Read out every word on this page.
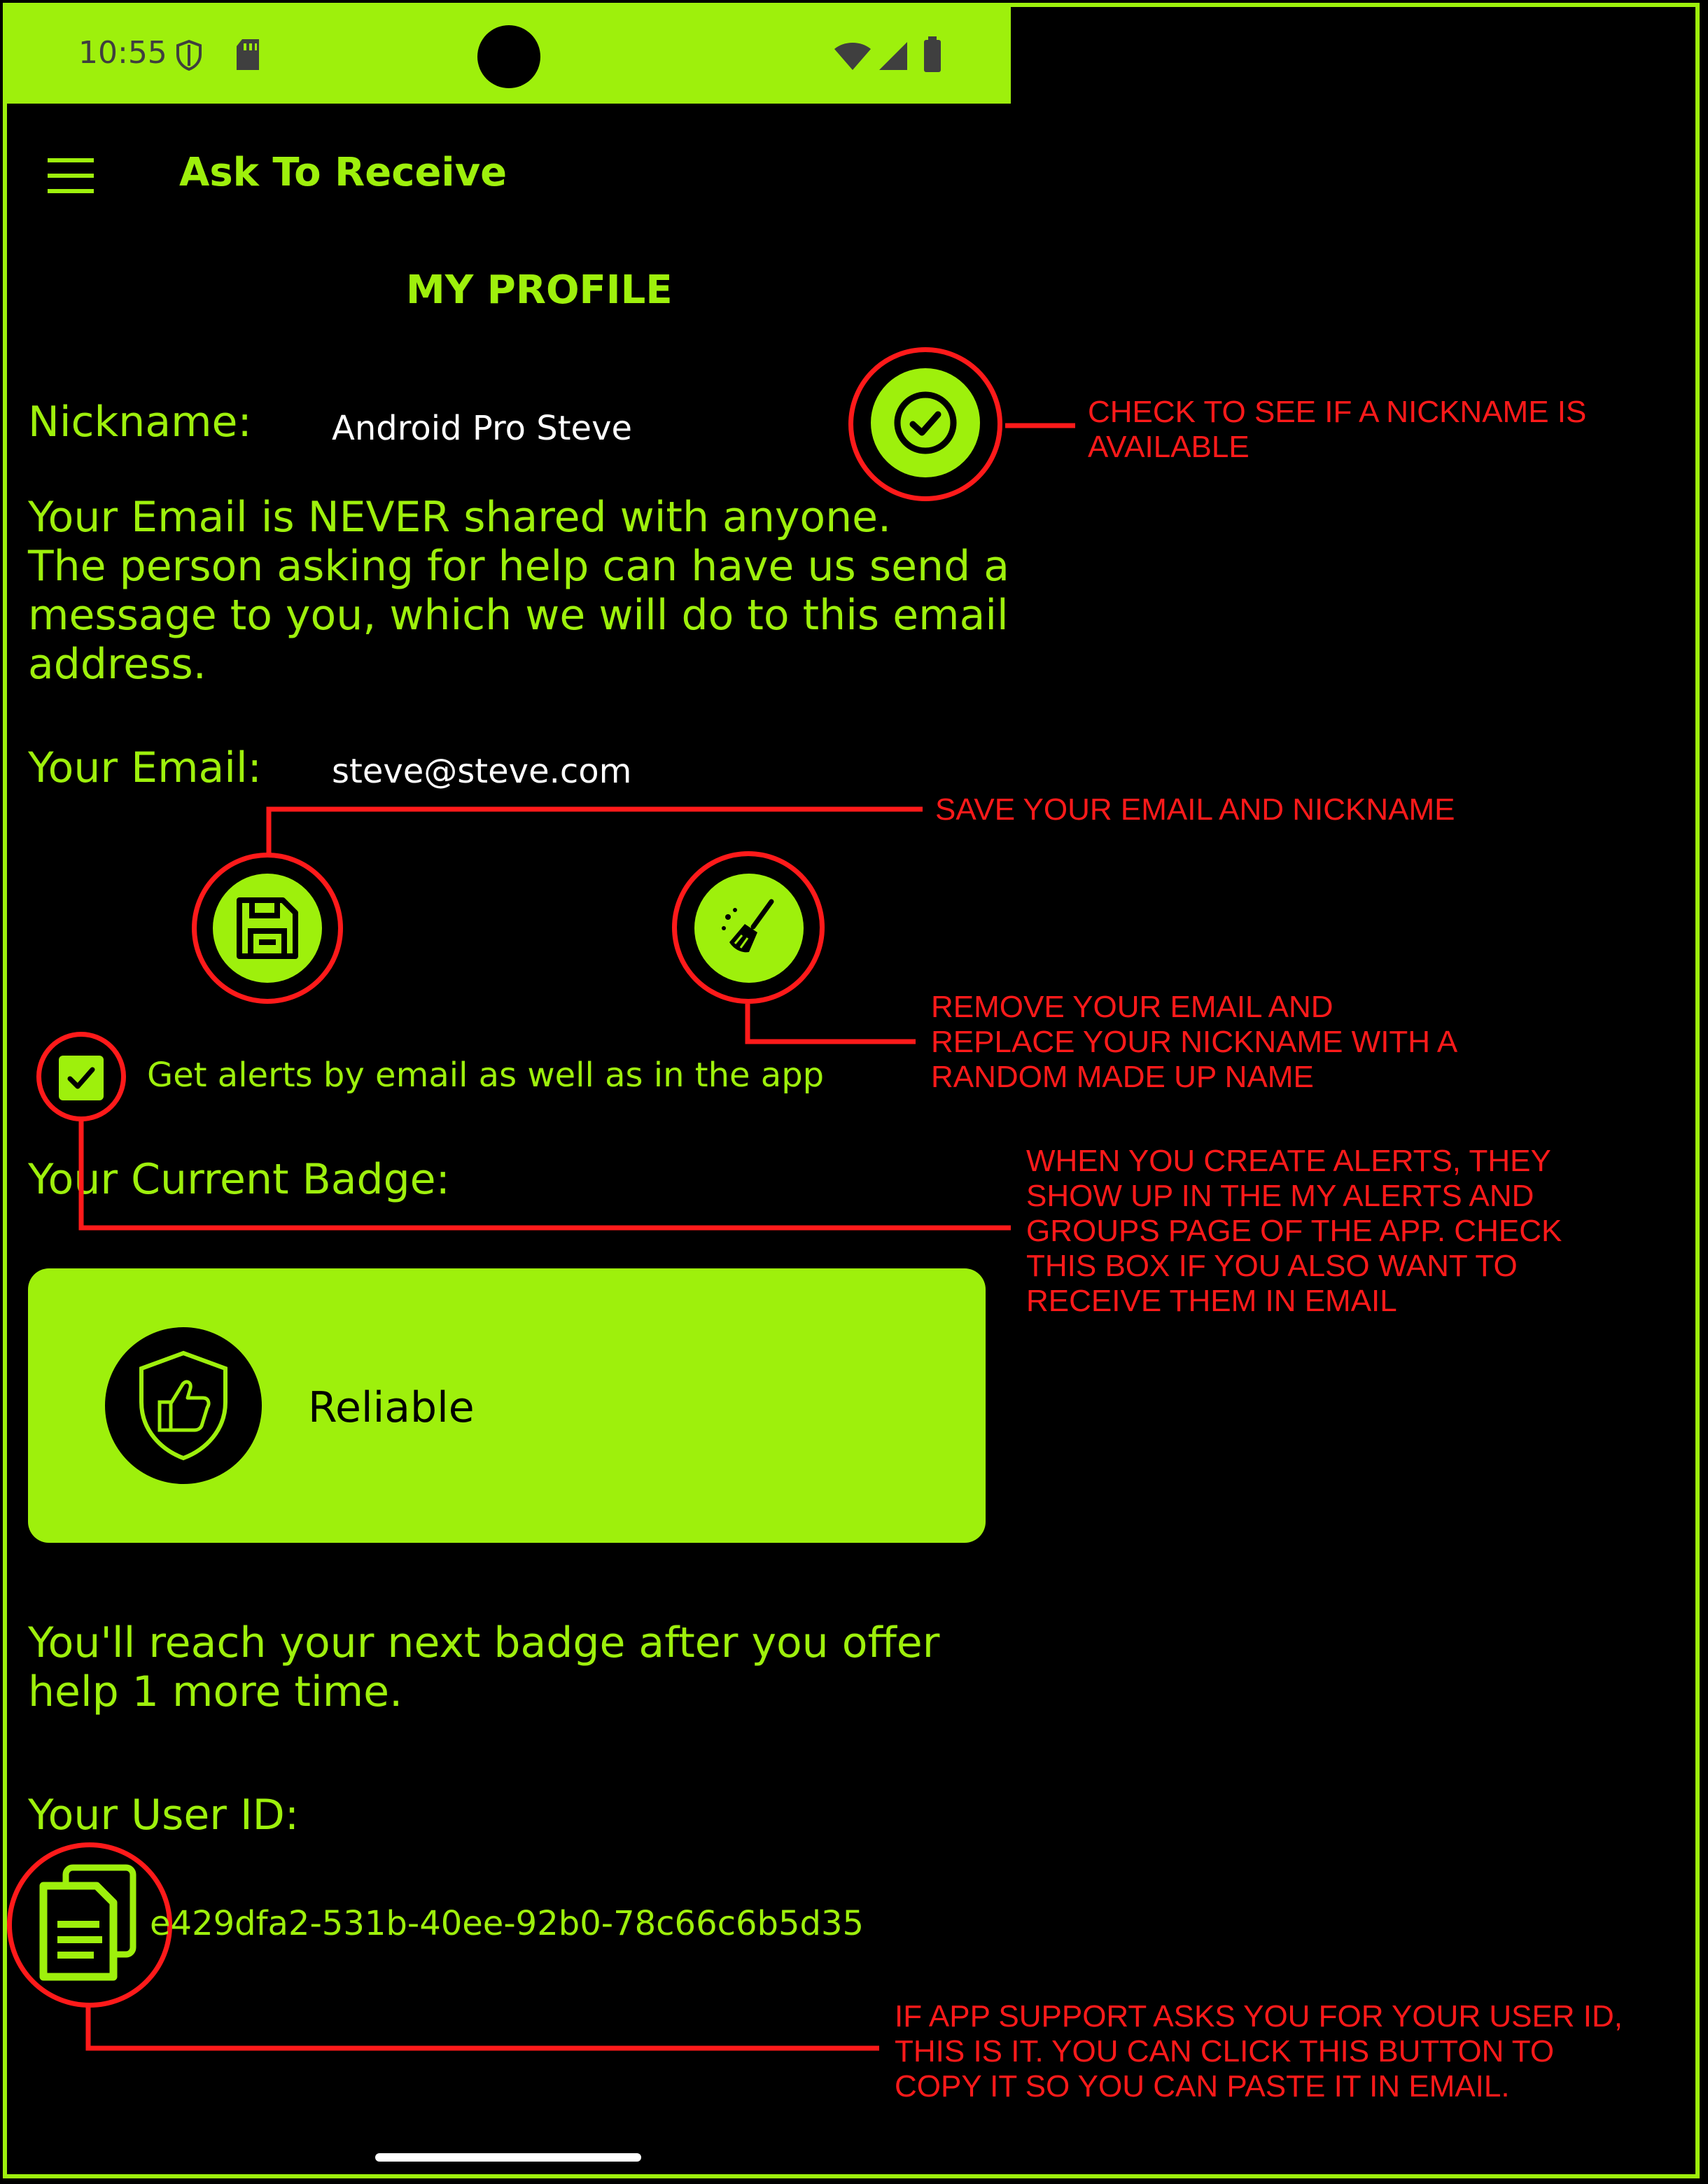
10:55
Ask To Receive
MY PROFILE
Nickname: Android Pro Steve
Your Email is NEVER shared with anyone.
The person asking for help can have us send a
message to you, which we will do to this email
address.
Your Email: steve@steve.com
Get alerts by email as well as in the app
Your Current Badge:
Reliable
You'll reach your next badge after you offer
help 1 more time.
Your User ID:
e429dfa2-531b-40ee-92b0-78c66c6b5d35
CHECK TO SEE IF A NICKNAME IS
AVAILABLE
SAVE YOUR EMAIL AND NICKNAME
REMOVE YOUR EMAIL AND
REPLACE YOUR NICKNAME WITH A
RANDOM MADE UP NAME
WHEN YOU CREATE ALERTS, THEY
SHOW UP IN THE MY ALERTS AND
GROUPS PAGE OF THE APP. CHECK
THIS BOX IF YOU ALSO WANT TO
RECEIVE THEM IN EMAIL
IF APP SUPPORT ASKS YOU FOR YOUR USER ID,
THIS IS IT. YOU CAN CLICK THIS BUTTON TO
COPY IT SO YOU CAN PASTE IT IN EMAIL.
